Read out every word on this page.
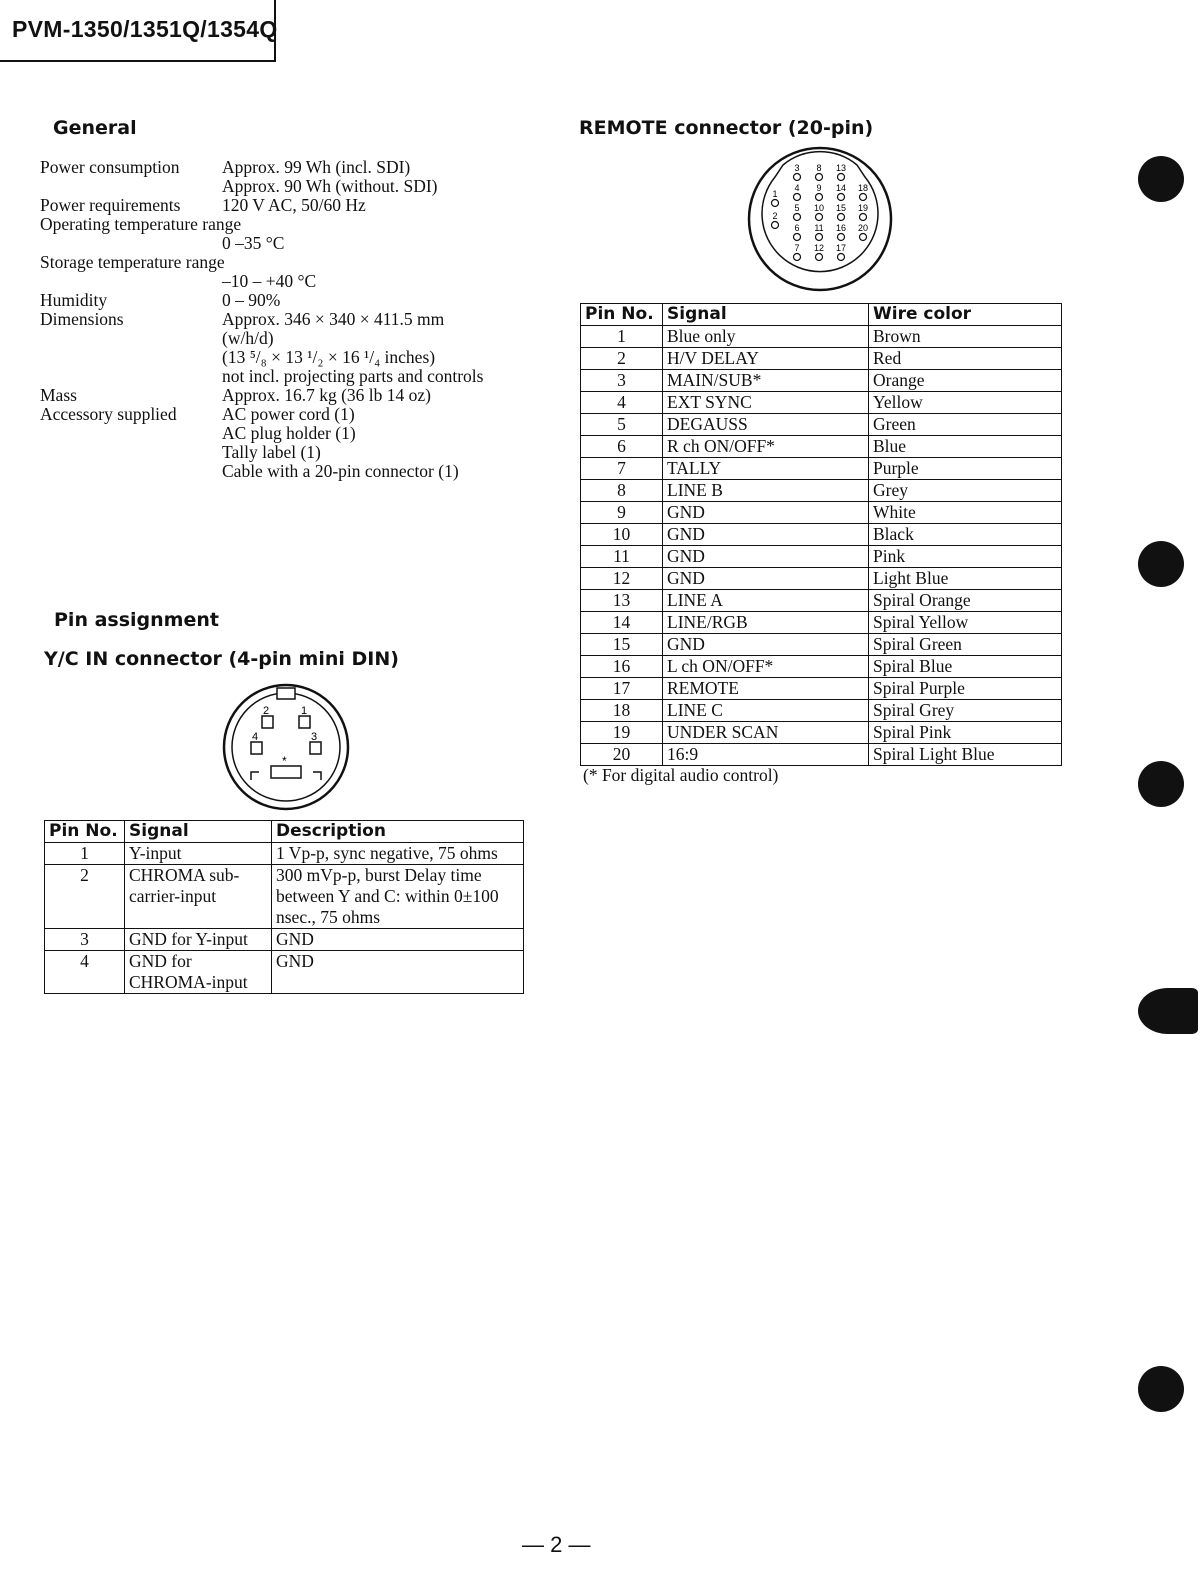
PVM-1350/1351Q/1354Q
General
Power consumption	Approx. 99 Wh (incl. SDI)
Approx. 90 Wh (without. SDI)

Power requirements	120 V AC, 50/60 Hz

Operating temperature range	

	0 –35 °C

Storage temperature range	

	–10 – +40 °C

Humidity	0 – 90%

Dimensions	Approx. 346 × 340 × 411.5 mm
(w/h/d)
(13 ⁵/₈ × 13 ¹/₂ × 16 ¹/₄ inches)
not incl. projecting parts and controls

Mass	Approx. 16.7 kg (36 lb 14 oz)

Accessory supplied	AC power cord (1)
AC plug holder (1)
Tally label (1)
Cable with a 20-pin connector (1)
Pin assignment
Y/C IN connector (4-pin mini DIN)
2	1
4	3
*
Pin No.	Signal	Description
1	Y-input	1 Vp-p, sync negative, 75 ohms
2	CHROMA sub-carrier-input	300 mVp-p, burst Delay time between Y and C: within 0±100 nsec., 75 ohms
3	GND for Y-input	GND
4	GND for CHROMA-input	GND
REMOTE connector (20-pin)
1
2
3
4
5
6
7
8
9
10
11
12
13
14
15
16
17
18
19
20
Pin No.	Signal	Wire color
1	Blue only	Brown
2	H/V DELAY	Red
3	MAIN/SUB*	Orange
4	EXT SYNC	Yellow
5	DEGAUSS	Green
6	R ch ON/OFF*	Blue
7	TALLY	Purple
8	LINE B	Grey
9	GND	White
10	GND	Black
11	GND	Pink
12	GND	Light Blue
13	LINE A	Spiral Orange
14	LINE/RGB	Spiral Yellow
15	GND	Spiral Green
16	L ch ON/OFF*	Spiral Blue
17	REMOTE	Spiral Purple
18	LINE C	Spiral Grey
19	UNDER SCAN	Spiral Pink
20	16:9	Spiral Light Blue
(* For digital audio control)
— 2 —
